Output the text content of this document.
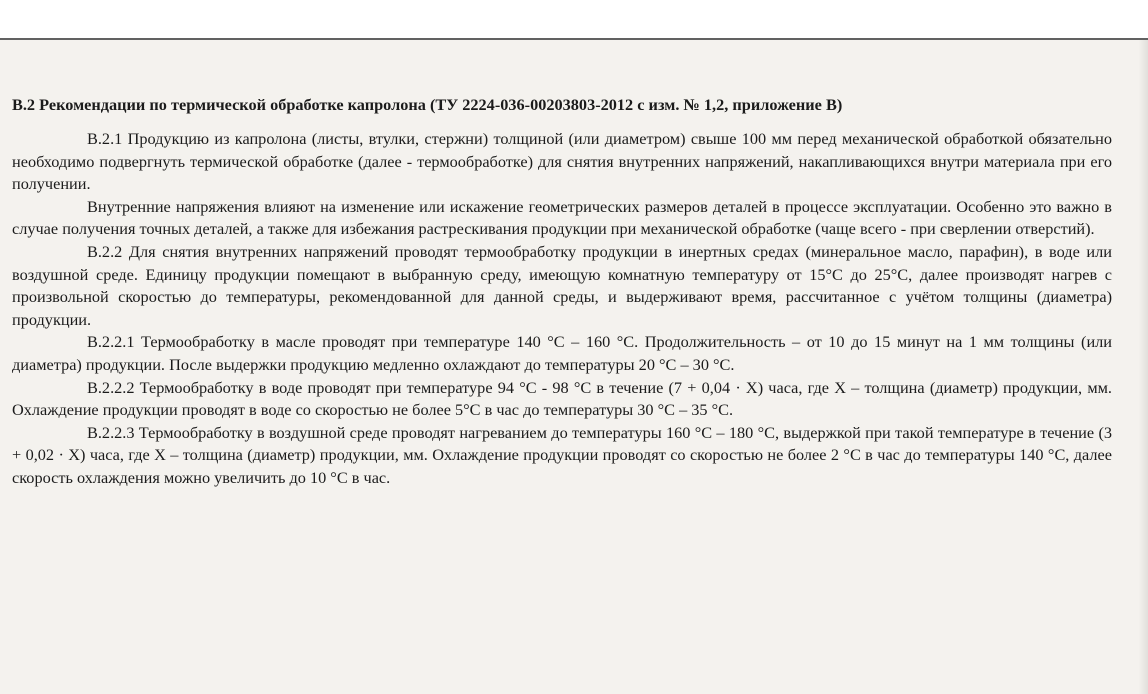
В.2 Рекомендации по термической обработке капролона (ТУ 2224-036-00203803-2012 с изм. № 1,2, приложение В)

В.2.1 Продукцию из капролона (листы, втулки, стержни) толщиной (или диаметром) свыше 100 мм перед механической обработкой обязательно необходимо подвергнуть термической обработке (далее - термообработке) для снятия внутренних напряжений, накапливающихся внутри материала при его получении.

Внутренние напряжения влияют на изменение или искажение геометрических размеров деталей в процессе эксплуатации. Особенно это важно в случае получения точных деталей, а также для избежания растрескивания продукции при механической обработке (чаще всего - при сверлении отверстий).

В.2.2 Для снятия внутренних напряжений проводят термообработку продукции в инертных средах (минеральное масло, парафин), в воде или воздушной среде. Единицу продукции помещают в выбранную среду, имеющую комнатную температуру от 15°С до 25°С, далее производят нагрев с произвольной скоростью до температуры, рекомендованной для данной среды, и выдерживают время, рассчитанное с учётом толщины (диаметра) продукции.

В.2.2.1 Термообработку в масле проводят при температуре 140 °С – 160 °С. Продолжительность – от 10 до 15 минут на 1 мм толщины (или диаметра) продукции. После выдержки продукцию медленно охлаждают до температуры 20 °С – 30 °С.

В.2.2.2 Термообработку в воде проводят при температуре 94 °С - 98 °С в течение (7 + 0,04 · X) часа, где X – толщина (диаметр) продукции, мм. Охлаждение продукции проводят в воде со скоростью не более 5°С в час до температуры 30 °С – 35 °С.

В.2.2.3 Термообработку в воздушной среде проводят нагреванием до температуры 160 °С – 180 °С, выдержкой при такой температуре в течение (3 + 0,02 · X) часа, где X – толщина (диаметр) продукции, мм. Охлаждение продукции проводят со скоростью не более 2 °С в час до температуры 140 °С, далее скорость охлаждения можно увеличить до 10 °С в час.
